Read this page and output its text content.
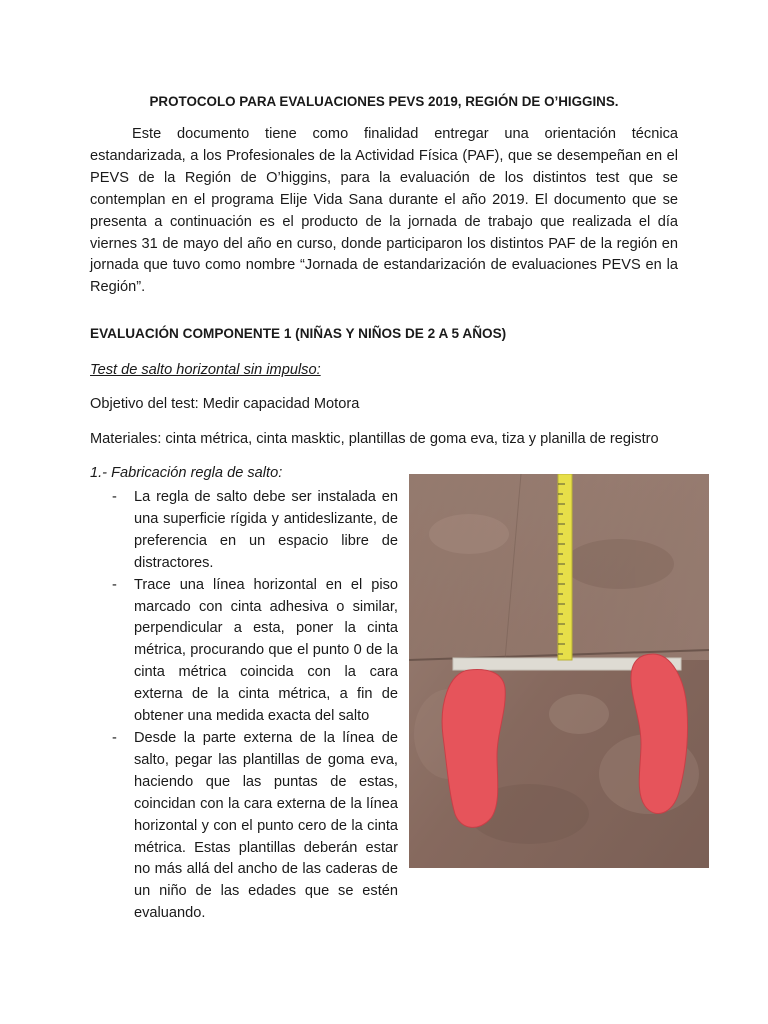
PROTOCOLO PARA EVALUACIONES PEVS 2019, REGIÓN DE O’HIGGINS.
Este documento tiene como finalidad entregar una orientación técnica estandarizada, a los Profesionales de la Actividad Física (PAF), que se desempeñan en el PEVS de la Región de O’higgins, para la evaluación de los distintos test que se contemplan en el programa Elije Vida Sana durante el año 2019. El documento que se presenta a continuación es el producto de la jornada de trabajo que realizada el día viernes 31 de mayo del año en curso, donde participaron los distintos PAF de la región en jornada que tuvo como nombre “Jornada de estandarización de evaluaciones PEVS en la Región”.
EVALUACIÓN COMPONENTE 1 (NIÑAS Y NIÑOS DE 2 A 5 AÑOS)
Test de salto horizontal sin impulso:
Objetivo del test: Medir capacidad Motora
Materiales: cinta métrica, cinta masktic, plantillas de goma eva, tiza y planilla de registro
1.- Fabricación regla de salto:
- La regla de salto debe ser instalada en una superficie rígida y antideslizante, de preferencia en un espacio libre de distractores.
- Trace una línea horizontal en el piso marcado con cinta adhesiva o similar, perpendicular a esta, poner la cinta métrica, procurando que el punto 0 de la cinta métrica coincida con la cara externa de la cinta métrica, a fin de obtener una medida exacta del salto
- Desde la parte externa de la línea de salto, pegar las plantillas de goma eva, haciendo que las puntas de estas, coincidan con la cara externa de la línea horizontal y con el punto cero de la cinta métrica. Estas plantillas deberán estar no más allá del ancho de las caderas de un niño de las edades que se estén evaluando.
